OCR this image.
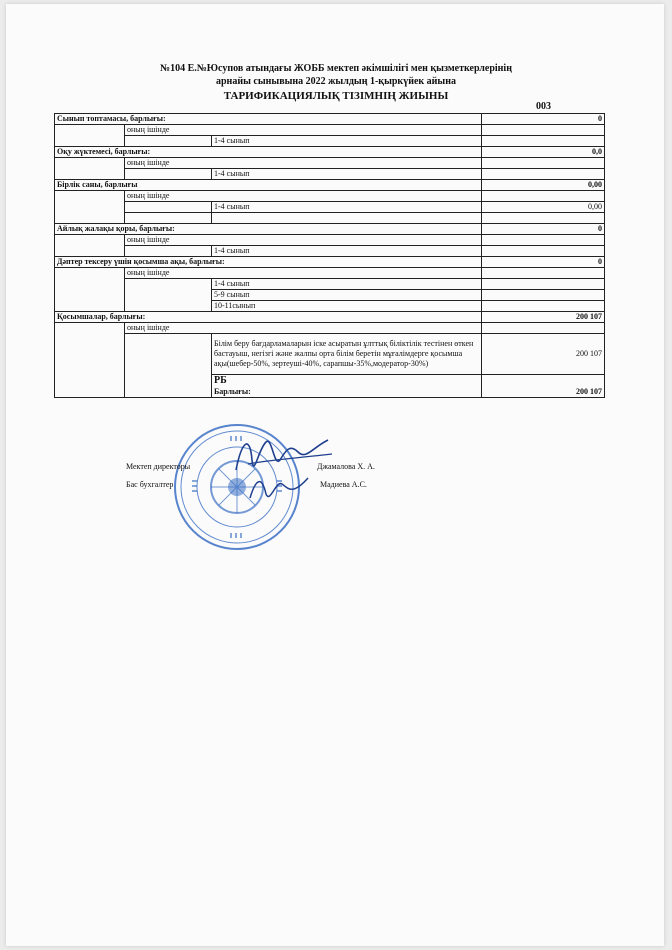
№104 Е.№Юсупов атындағы ЖОББ мектеп әкімшілігі мен қызметкерлерінің
арнайы сынывына 2022 жылдың 1-қыркүйек айына
ТАРИФИКАЦИЯЛЫҚ ТІЗІМНІҢ ЖИЫНЫ
003
Сынып топтамасы, барлығы:			0
	оның ішінде		
		1-4 сынып	
Оқу жүктемесі, барлығы:			0,0
	оның ішінде		
		1-4 сынып	
Бірлік саны, барлығы			0,00
	оның ішінде		
		1-4 сынып	0,00

Айлық жалақы қоры, барлығы:			0
	оның ішінде		
		1-4 сынып	
Дәптер тексеру үшін қосымша ақы, барлығы:			0
	оның ішінде		
		1-4 сынып	
		5-9 сынып	
		10-11сынып	
Қосымшалар, барлығы:			200 107
	оның ішінде		
		Білім беру бағдарламаларын іске асыратын ұлттық біліктілік тестінен өткен бастауыш, негізгі және жалпы орта білім беретін мұғалімдерге қосымша ақы(шебер-50%, зертеуші-40%, сарапшы-35%,модератор-30%)	200 107
		РБ	
		Барлығы:	200 107
Мектеп директоры	Джамалова Х. А.
Бас бухгалтер	Мадиева А.С.
